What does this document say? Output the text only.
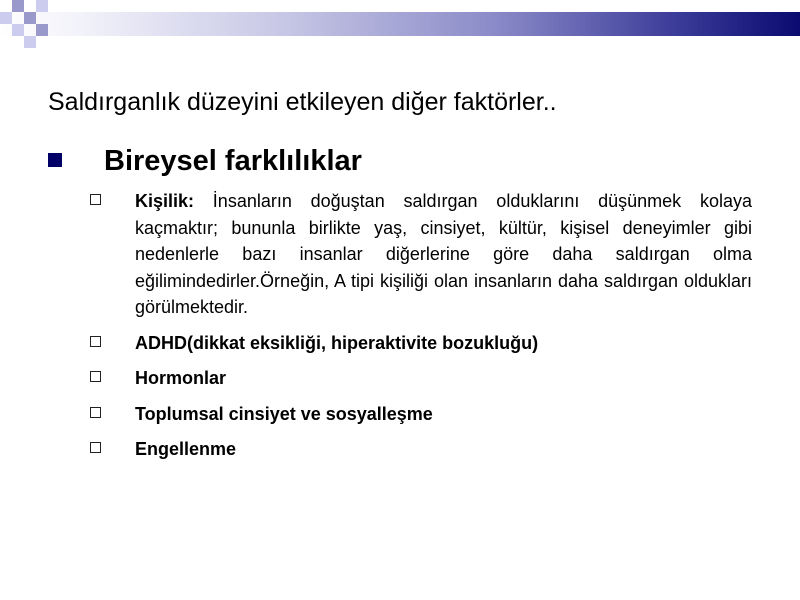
Saldırganlık düzeyini etkileyen diğer faktörler..
Bireysel farklılıklar
Kişilik: İnsanların doğuştan saldırgan olduklarını düşünmek kolaya kaçmaktır; bununla birlikte yaş, cinsiyet, kültür, kişisel deneyimler gibi nedenlerle bazı insanlar diğerlerine göre daha saldırgan olma eğilimindedirler.Örneğin, A tipi kişiliği olan insanların daha saldırgan oldukları görülmektedir.
ADHD(dikkat eksikliği, hiperaktivite bozukluğu)
Hormonlar
Toplumsal cinsiyet ve sosyalleşme
Engellenme
